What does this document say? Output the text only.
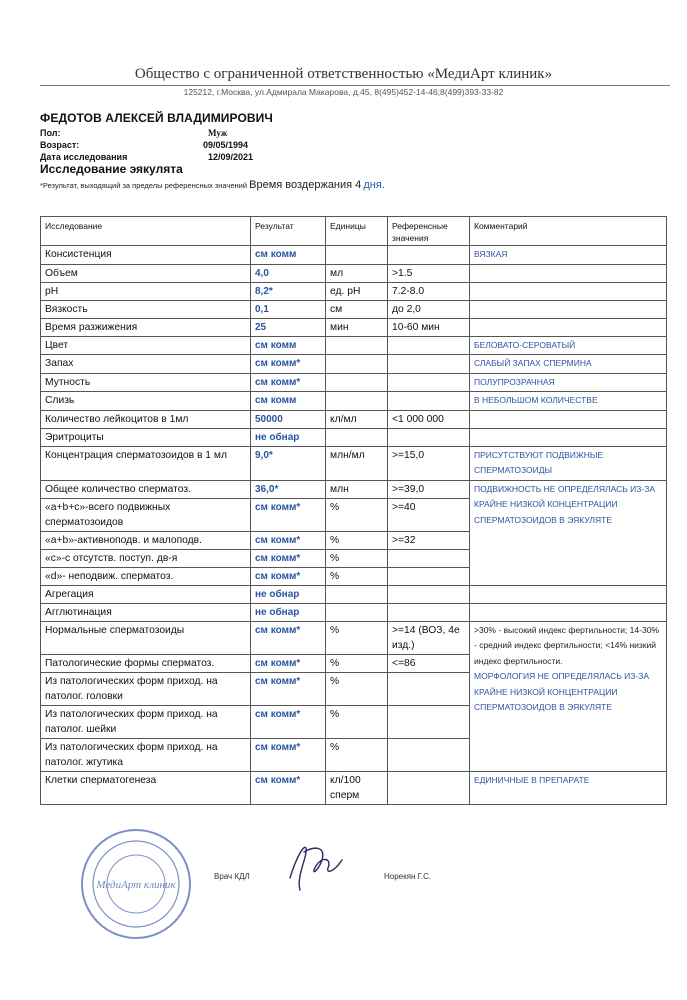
Общество с ограниченной ответственностью «МедиАрт клиник»
125212, г.Москва, ул.Адмирала Макарова, д.45, 8(495)452-14-46;8(499)393-33-82
ФЕДОТОВ АЛЕКСЕЙ ВЛАДИМИРОВИЧ
Пол:	Муж
Возраст:	09/05/1994
Дата исследования	12/09/2021
Исследование эякулята
*Результат, выходящий за пределы референсных значений Время воздержания 4 дня.
Исследование	Результат	Единицы	Референсные значения	Комментарий
Консистенция	см комм			ВЯЗКАЯ
Объем	4,0	мл	>1.5	
pH	8,2*	ед. рН	7.2-8.0	
Вязкость	0,1	см	до 2,0	
Время разжижения	25	мин	10-60 мин	
Цвет	см комм			БЕЛОВАТО-СЕРОВАТЫЙ
Запах	см комм*			СЛАБЫЙ ЗАПАХ СПЕРМИНА
Мутность	см комм*			ПОЛУПРОЗРАЧНАЯ
Слизь	см комм			В НЕБОЛЬШОМ КОЛИЧЕСТВЕ
Количество лейкоцитов в 1мл	50000	кл/мл	<1 000 000	
Эритроциты	не обнар			
Концентрация сперматозоидов в 1 мл	9,0*	млн/мл	>=15,0	ПРИСУТСТВУЮТ ПОДВИЖНЫЕ СПЕРМАТОЗОИДЫ
Общее количество сперматоз.	36,0*	млн	>=39,0	ПОДВИЖНОСТЬ НЕ ОПРЕДЕЛЯЛАСЬ ИЗ-ЗА КРАЙНЕ НИЗКОЙ КОНЦЕНТРАЦИИ СПЕРМАТОЗОИДОВ В ЭЯКУЛЯТЕ
«a+b+c»-всего подвижных сперматозоидов	см комм*	%	>=40	
«a+b»-активноподв. и малоподв.	см комм*	%	>=32	
«c»-с отсутств. поступ. дв-я	см комм*	%		
«d»- неподвиж. сперматоз.	см комм*	%		
Агрегация	не обнар			
Агглютинация	не обнар			
Нормальные сперматозоиды	см комм*	%	>=14 (ВОЗ, 4е изд.)	>30% - высокий индекс фертильности; 14-30% - средний индекс фертильности; <14% низкий индекс фертильности.
МОРФОЛОГИЯ НЕ ОПРЕДЕЛЯЛАСЬ ИЗ-ЗА КРАЙНЕ НИЗКОЙ КОНЦЕНТРАЦИИ СПЕРМАТОЗОИДОВ В ЭЯКУЛЯТЕ

Патологические формы сперматоз.	см комм*	%	<=86	
Из патологических форм приход. на патолог. головки	см комм*	%		
Из патологических форм приход. на патолог. шейки	см комм*	%		
Из патологических форм приход. на патолог. жгутика	см комм*	%		
Клетки сперматогенеза	см комм*	кл/100 сперм		ЕДИНИЧНЫЕ В ПРЕПАРАТЕ
МедиАрт клиник
Врач КДЛ	Норекян Г.С.
